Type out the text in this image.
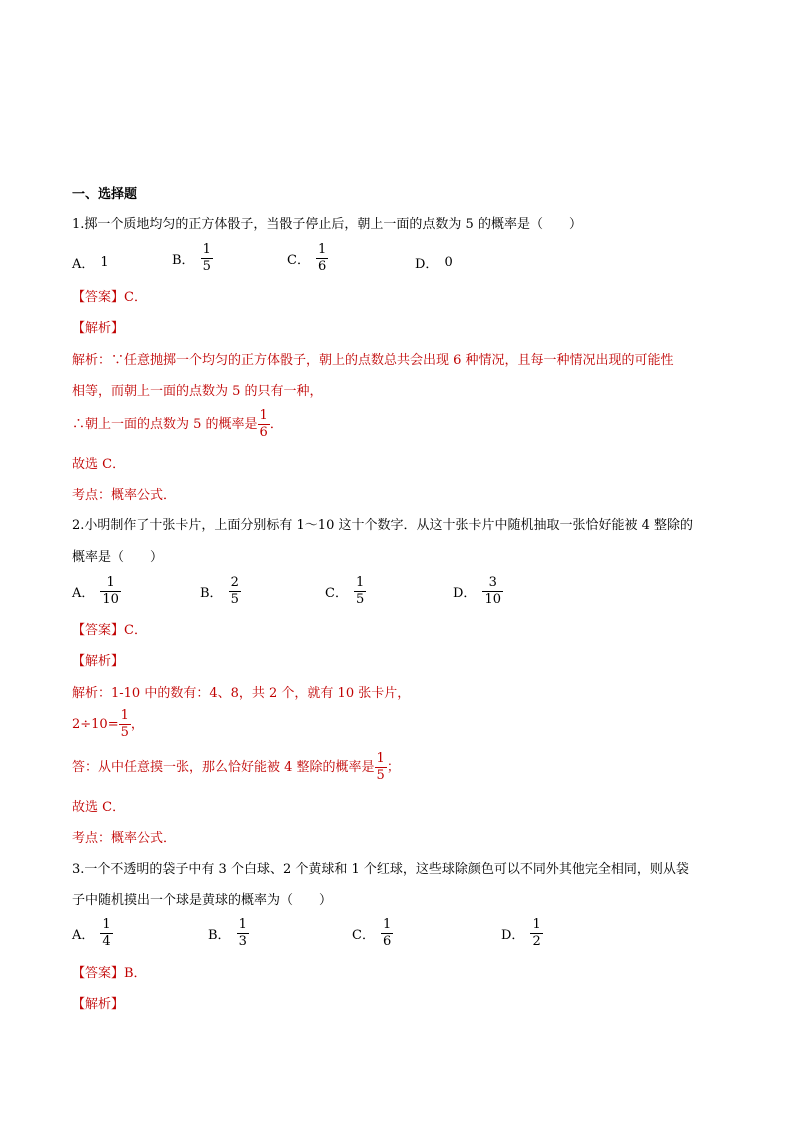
一、选择题
1.掷一个质地均匀的正方体骰子，当骰子停止后，朝上一面的点数为 5 的概率是（　　）
A． 1	B． $\frac{1}{5}$	C． $\frac{1}{6}$	D． 0
【答案】C．
【解析】
解析：∵任意抛掷一个均匀的正方体骰子，朝上的点数总共会出现 6 种情况，且每一种情况出现的可能性
相等，而朝上一面的点数为 5 的只有一种，
∴朝上一面的点数为 5 的概率是 $\frac{1}{6}$ ．
故选 C．
考点：概率公式．
2.小明制作了十张卡片，上面分别标有 1～10 这十个数字．从这十张卡片中随机抽取一张恰好能被 4 整除的
概率是（　　）
A． $\frac{1}{10}$	B． $\frac{2}{5}$	C． $\frac{1}{5}$	D． $\frac{3}{10}$
【答案】C．
【解析】
解析：1-10 中的数有：4、8，共 2 个，就有 10 张卡片，
$2\div 10= \frac{1}{5}$ ，
答：从中任意摸一张，那么恰好能被 4 整除的概率是 $\frac{1}{5}$ ；
故选 C．
考点：概率公式．
3.一个不透明的袋子中有 3 个白球、2 个黄球和 1 个红球，这些球除颜色可以不同外其他完全相同，则从袋
子中随机摸出一个球是黄球的概率为（　　）
A． $\frac{1}{4}$	B． $\frac{1}{3}$	C． $\frac{1}{6}$	D． $\frac{1}{2}$
【答案】B．
【解析】
